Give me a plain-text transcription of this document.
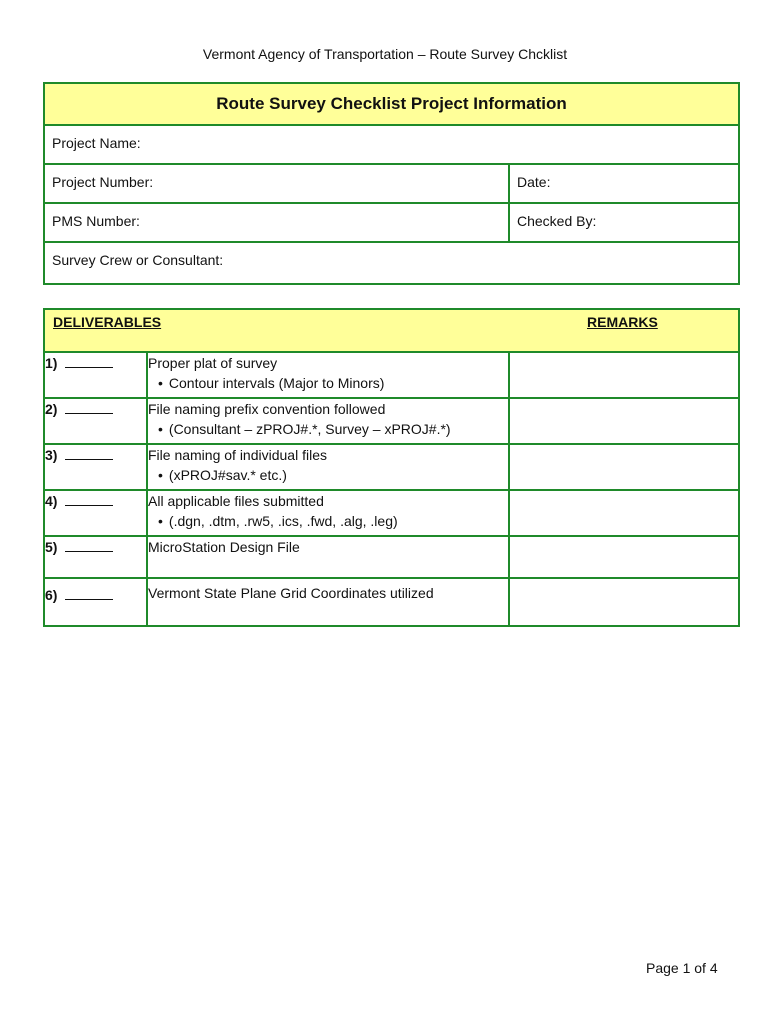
Vermont Agency of Transportation – Route Survey Chcklist
Route Survey Checklist Project Information	
Project Name:	
Project Number:	Date:
PMS Number:	Checked By:
Survey Crew or Consultant:	
DELIVERABLES REMARKS		

1)	Proper plat of survey
• Contour intervals (Major to Minors)

2)	File naming prefix convention followed
• (Consultant – zPROJ#.*, Survey – xPROJ#.*)

3)	File naming of individual files
• (xPROJ#sav.* etc.)

4)	All applicable files submitted
• (.dgn, .dtm, .rw5, .ics, .fwd, .alg, .leg)

5)	MicroStation Design File	

6)	Vermont State Plane Grid Coordinates utilized	

Page 1 of 4
